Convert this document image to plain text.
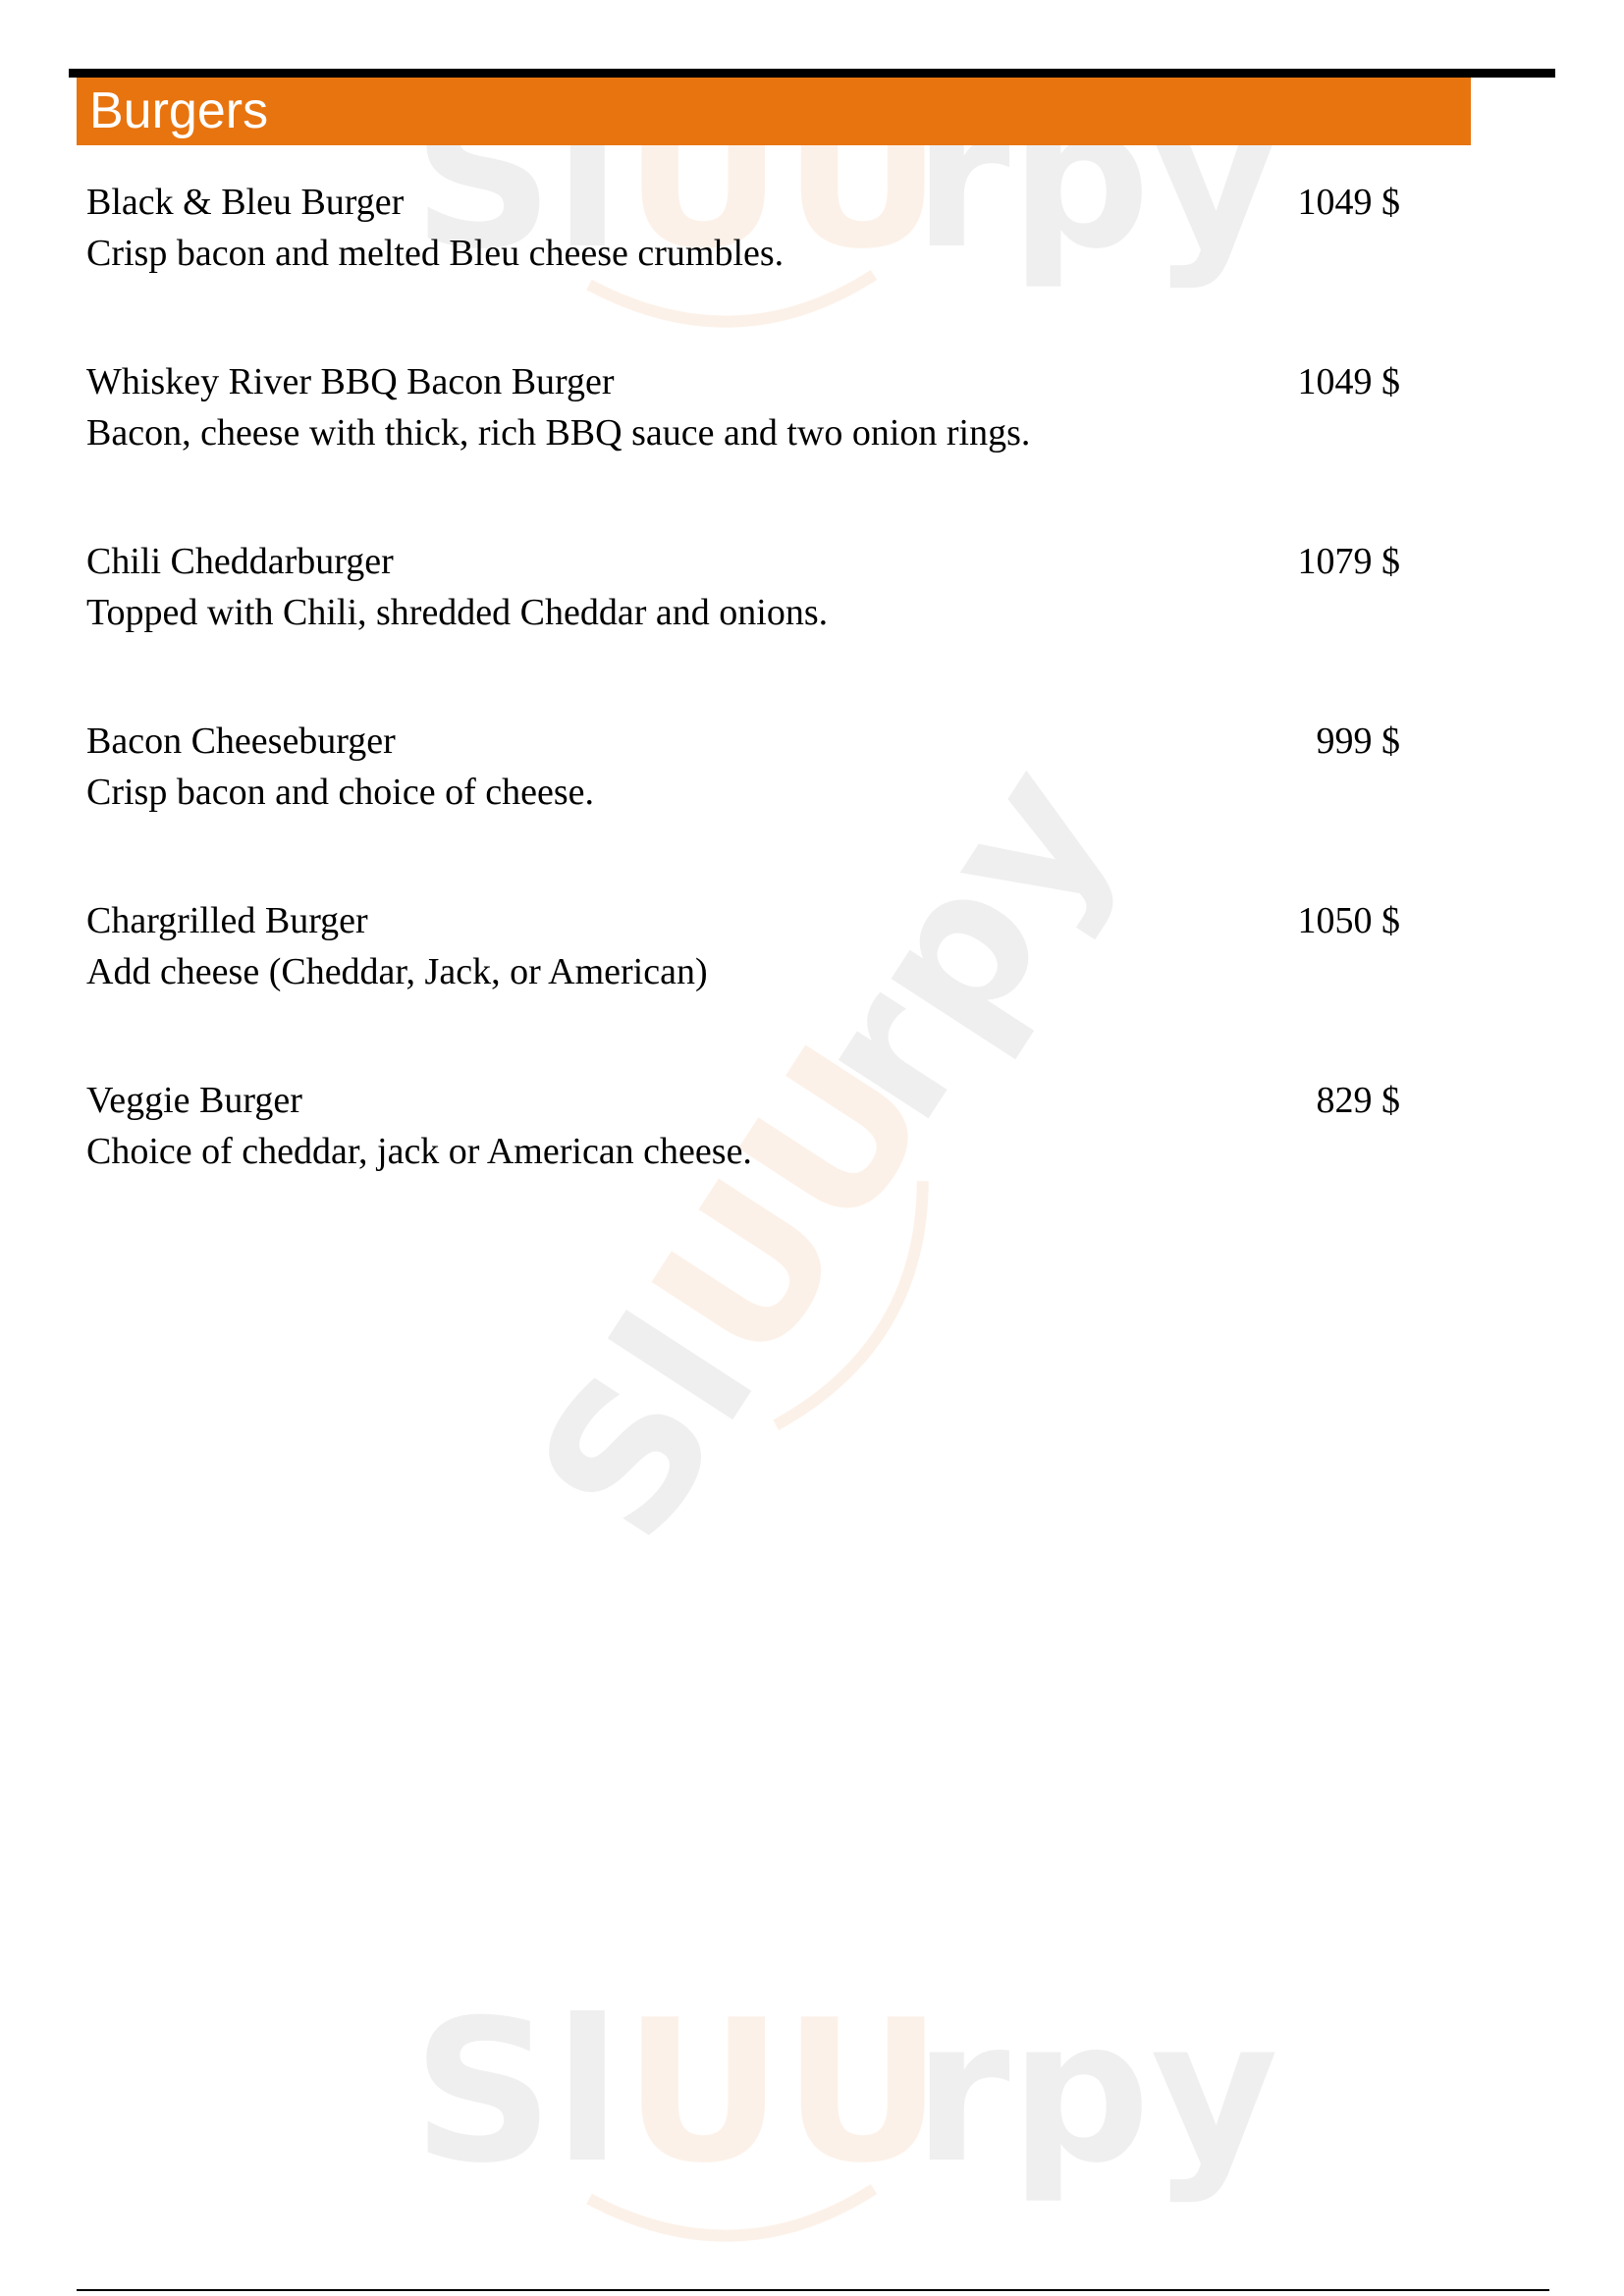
Sl UU
rpy
Sl
UU
rpy
Sl UU
rpy
Burgers
Black & Bleu Burger
Crisp bacon and melted Bleu cheese crumbles.
1049 $
Whiskey River BBQ Bacon Burger
Bacon, cheese with thick, rich BBQ sauce and two onion rings.
1049 $
Chili Cheddarburger
Topped with Chili, shredded Cheddar and onions.
1079 $
Bacon Cheeseburger
Crisp bacon and choice of cheese.
999 $
Chargrilled Burger
Add cheese (Cheddar, Jack, or American)
1050 $
Veggie Burger
Choice of cheddar, jack or American cheese.
829 $
